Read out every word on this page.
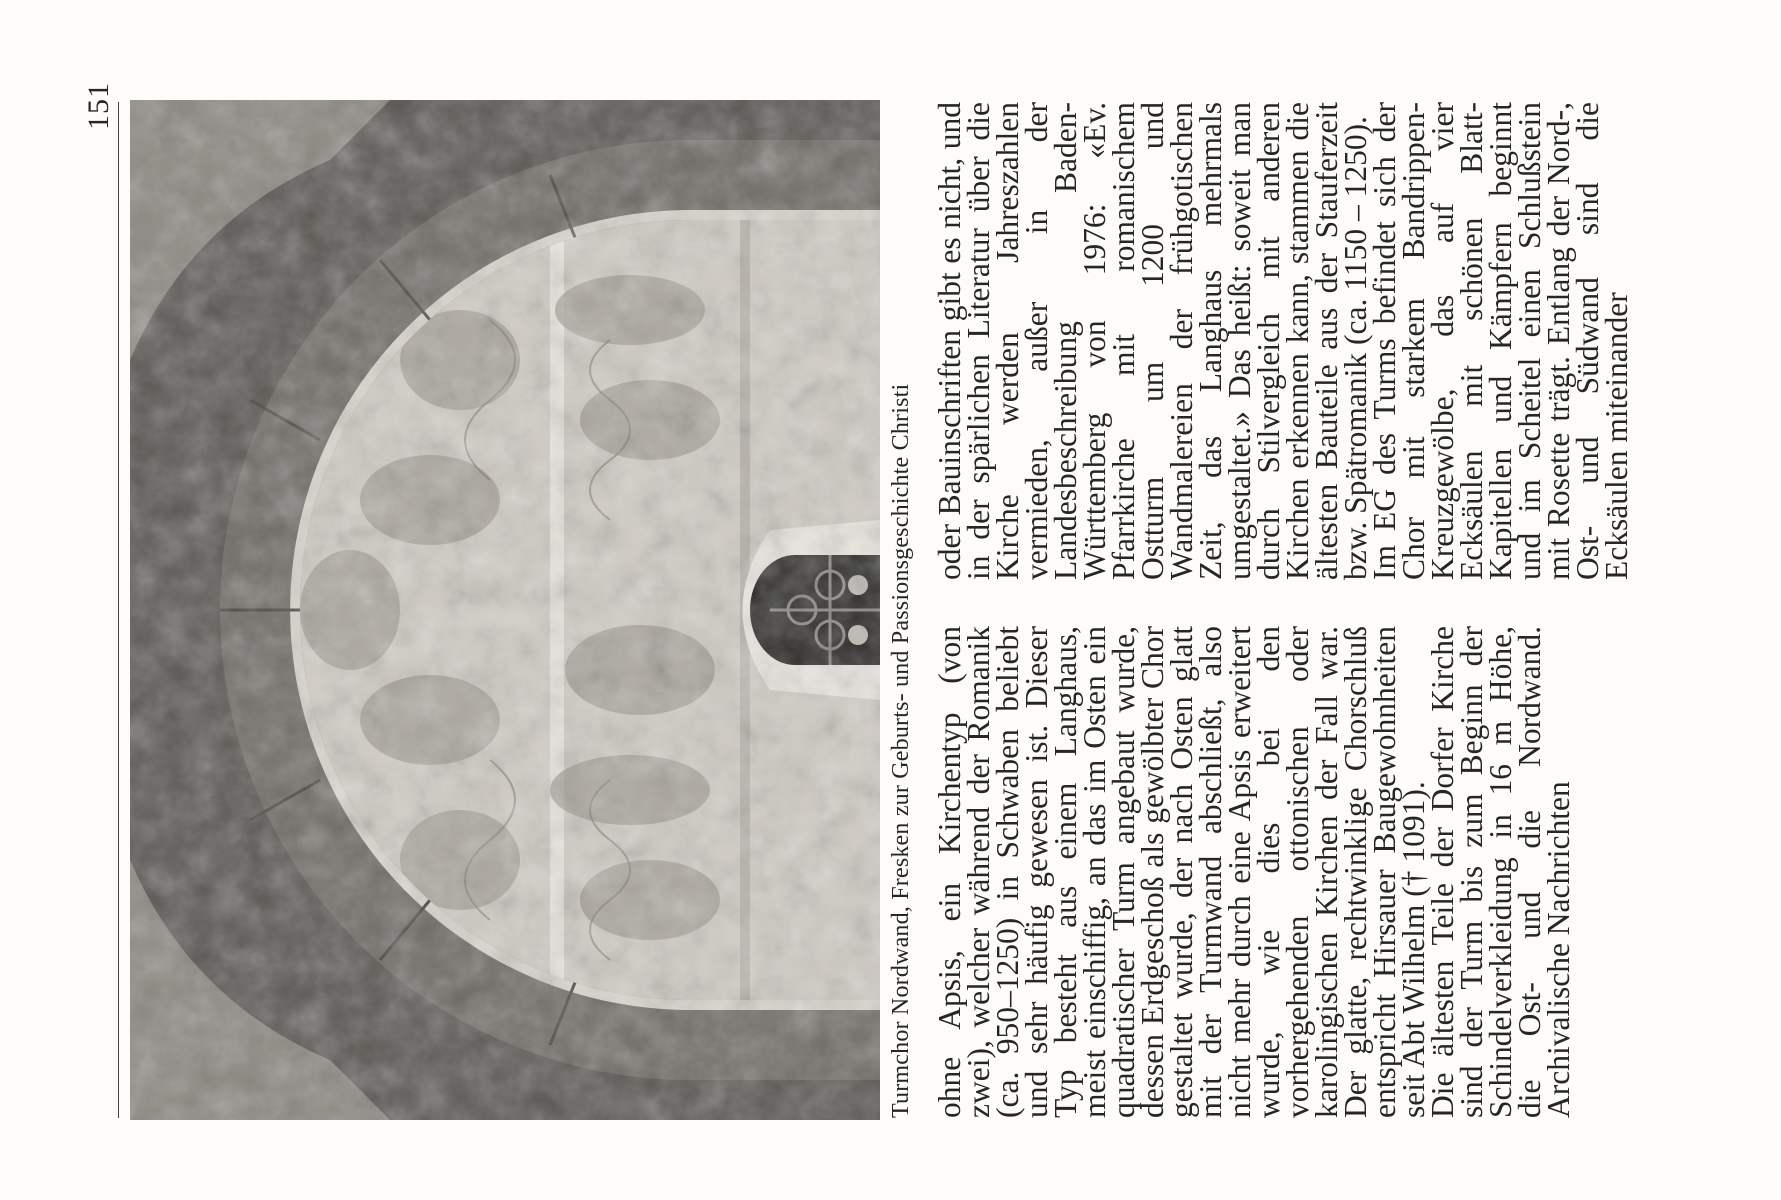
151
Turmchor Nordwand, Fresken zur Geburts- und Passionsgeschichte Christi ohne Apsis, ein Kirchentyp (von zwei), welcher während der Romanik (ca. 950–1250) in Schwaben beliebt und sehr häufig gewesen ist. Dieser Typ besteht aus einem Langhaus, meist einschiffig, an das im Osten ein quadratischer Turm angebaut wurde, dessen Erdgeschoß als gewölbter Chor gestaltet wurde, der nach Osten glatt mit der Turmwand abschließt, also nicht mehr durch eine Apsis erweitert wurde, wie dies bei den vorhergehenden ottonischen oder karolingischen Kirchen der Fall war. Der glatte, rechtwinklige Chorschluß entspricht Hirsauer Baugewohnheiten seit Abt Wilhelm († 1091).

Die ältesten Teile der Dorfer Kirche sind der Turm bis zum Beginn der Schindelverkleidung in 16 m Höhe, die Ost- und die Nordwand. Archivalische Nachrichten

oder Bauinschriften gibt es nicht, und in der spärlichen Literatur über die Kirche werden Jahreszahlen vermieden, außer in der Landesbeschreibung Baden-Württemberg von 1976: «Ev. Pfarrkirche mit romanischem Ostturm um 1200 und Wandmalereien der frühgotischen Zeit, das Langhaus mehrmals umgestaltet.» Das heißt: soweit man durch Stilvergleich mit anderen Kirchen erkennen kann, stammen die ältesten Bauteile aus der Stauferzeit bzw. Spätromanik (ca. 1150 – 1250).

Im EG des Turms befindet sich der Chor mit starkem Bandrippen-Kreuzgewölbe, das auf vier Ecksäulen mit schönen Blatt-Kapitellen und Kämpfern beginnt und im Scheitel einen Schlußstein mit Rosette trägt. Entlang der Nord-, Ost- und Südwand sind die Ecksäulen miteinander
